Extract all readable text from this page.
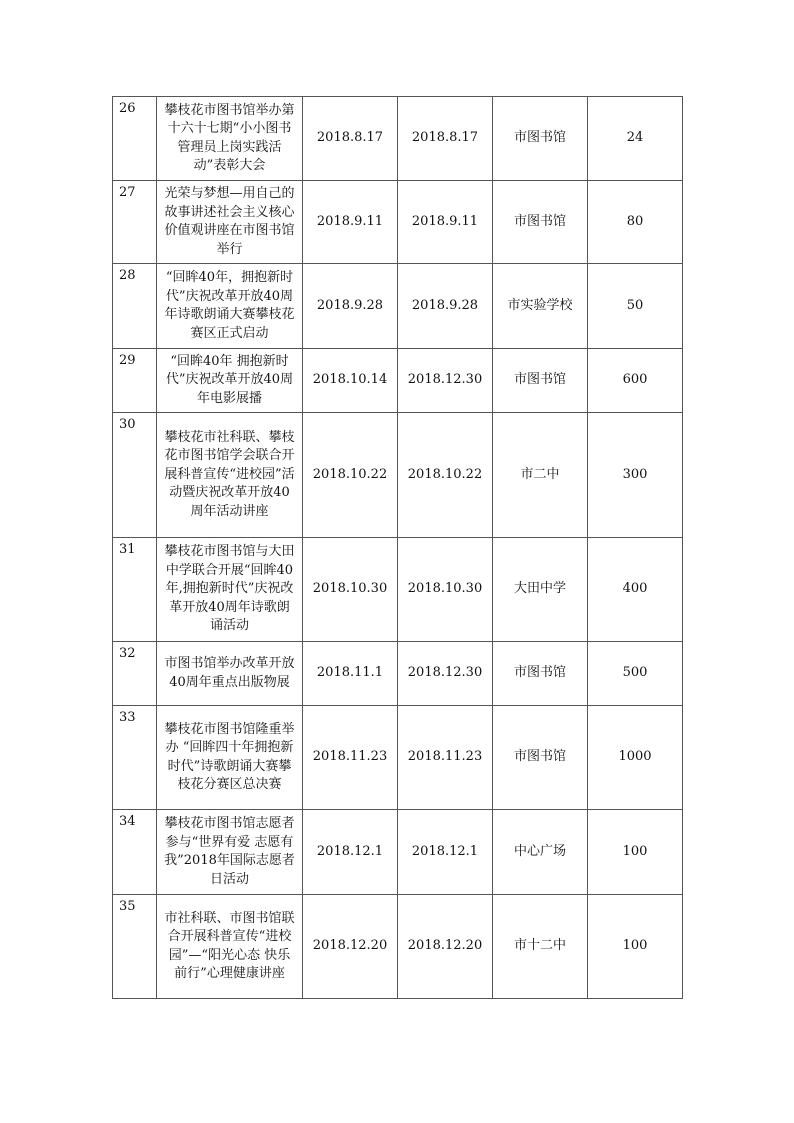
26	攀枝花市图书馆举办第十六十七期“小小图书管理员上岗实践活动”表彰大会	2018.8.17	2018.8.17	市图书馆	24
27	光荣与梦想—用自己的故事讲述社会主义核心价值观讲座在市图书馆举行	2018.9.11	2018.9.11	市图书馆	80
28	“回眸40年，拥抱新时代”庆祝改革开放40周年诗歌朗诵大赛攀枝花赛区正式启动	2018.9.28	2018.9.28	市实验学校	50
29	“回眸40年 拥抱新时代”庆祝改革开放40周年电影展播	2018.10.14	2018.12.30	市图书馆	600
30	攀枝花市社科联、攀枝花市图书馆学会联合开展科普宣传“进校园”活动暨庆祝改革开放40周年活动讲座	2018.10.22	2018.10.22	市二中	300
31	攀枝花市图书馆与大田中学联合开展“回眸40年,拥抱新时代”庆祝改革开放40周年诗歌朗诵活动	2018.10.30	2018.10.30	大田中学	400
32	市图书馆举办改革开放40周年重点出版物展	2018.11.1	2018.12.30	市图书馆	500
33	攀枝花市图书馆隆重举办 “回眸四十年拥抱新时代”诗歌朗诵大赛攀枝花分赛区总决赛	2018.11.23	2018.11.23	市图书馆	1000
34	攀枝花市图书馆志愿者参与“世界有爱 志愿有我”2018年国际志愿者日活动	2018.12.1	2018.12.1	中心广场	100
35	市社科联、市图书馆联合开展科普宣传“进校园”—“阳光心态 快乐前行”心理健康讲座	2018.12.20	2018.12.20	市十二中	100
